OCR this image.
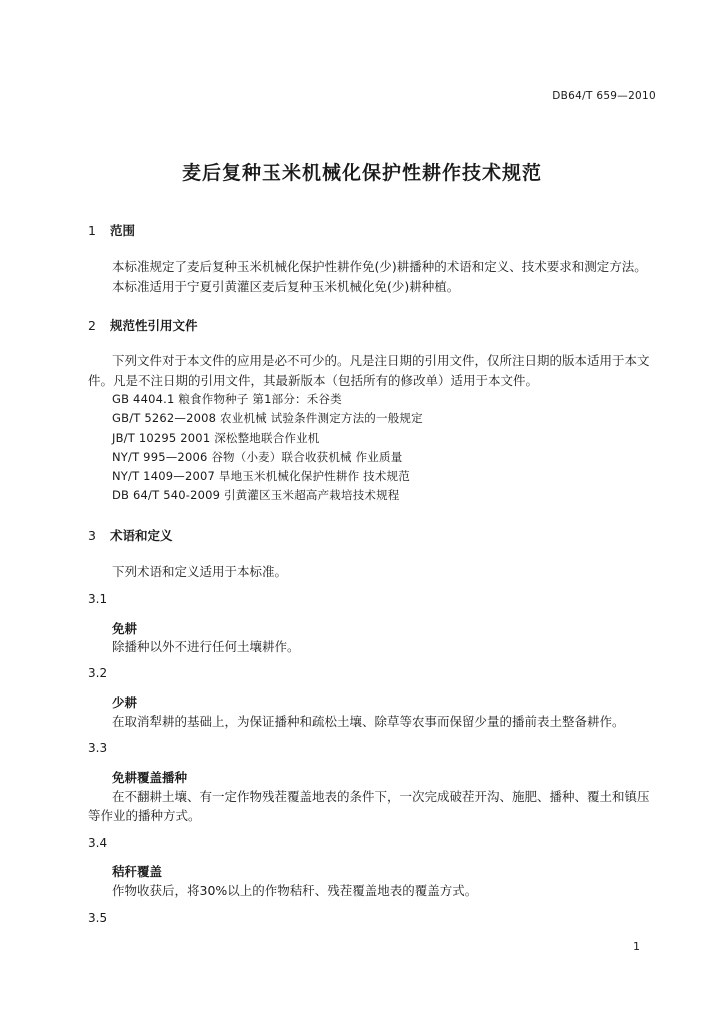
DB64/T 659—2010
麦后复种玉米机械化保护性耕作技术规范
1 范围
本标准规定了麦后复种玉米机械化保护性耕作免(少)耕播种的术语和定义、技术要求和测定方法。
本标准适用于宁夏引黄灌区麦后复种玉米机械化免(少)耕种植。
2 规范性引用文件
下列文件对于本文件的应用是必不可少的。凡是注日期的引用文件，仅所注日期的版本适用于本文
件。凡是不注日期的引用文件，其最新版本（包括所有的修改单）适用于本文件。
GB 4404.1 粮食作物种子 第1部分：禾谷类
GB/T 5262—2008 农业机械 试验条件测定方法的一般规定
JB/T 10295 2001 深松整地联合作业机
NY/T 995—2006 谷物（小麦）联合收获机械 作业质量
NY/T 1409—2007 旱地玉米机械化保护性耕作 技术规范
DB 64/T 540-2009 引黄灌区玉米超高产栽培技术规程
3 术语和定义
下列术语和定义适用于本标准。
3.1
免耕
除播种以外不进行任何土壤耕作。
3.2
少耕
在取消犁耕的基础上，为保证播种和疏松土壤、除草等农事而保留少量的播前表土整备耕作。
3.3
免耕覆盖播种
在不翻耕土壤、有一定作物残茬覆盖地表的条件下，一次完成破茬开沟、施肥、播种、覆土和镇压
等作业的播种方式。
3.4
秸秆覆盖
作物收获后，将30%以上的作物秸秆、残茬覆盖地表的覆盖方式。
3.5
1
